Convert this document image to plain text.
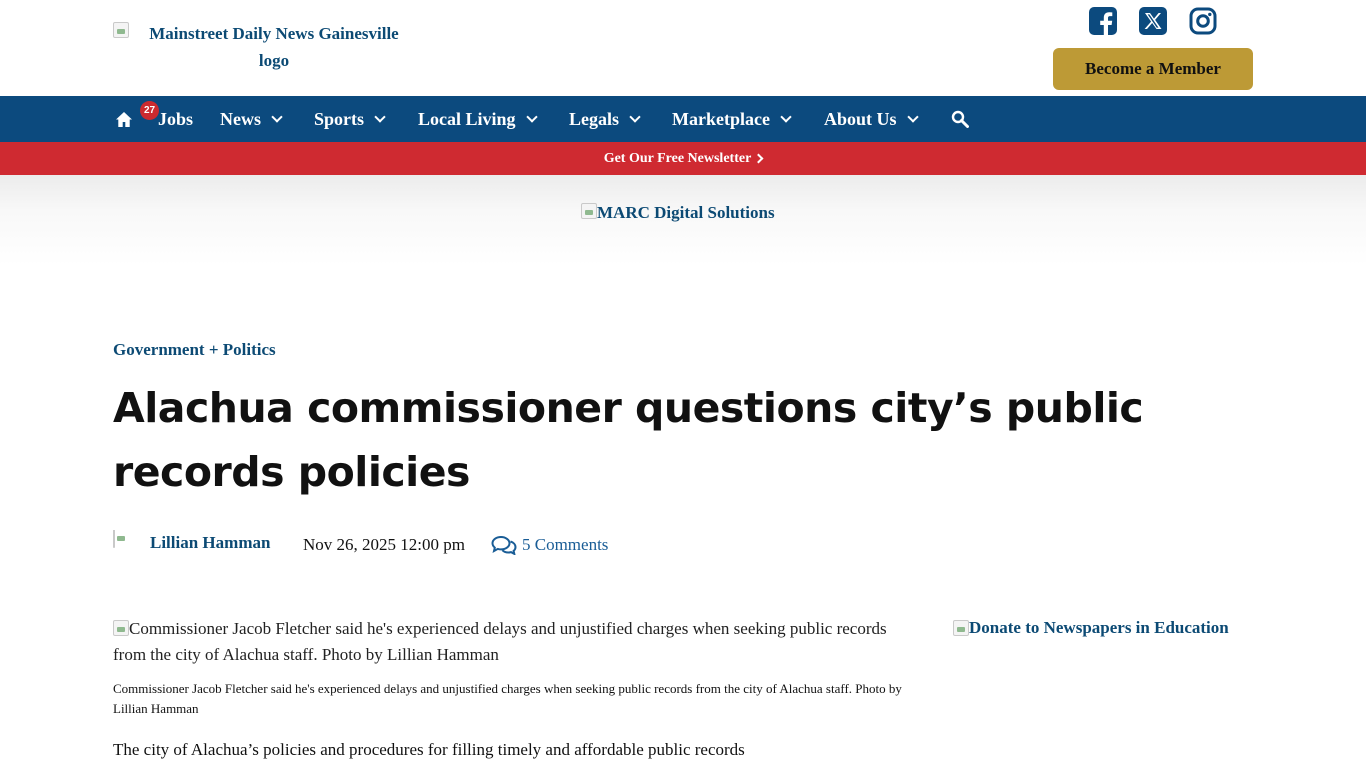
Mainstreet Daily News Gainesville logo	Become a Member
27 Jobs News	Sports	Local Living	Legals	Marketplace	About Us
Get Our Free Newsletter
MARC Digital Solutions
Government + Politics
Alachua commissioner questions city’s public records policies
Lillian Hamman Nov 26, 2025 12:00 pm	5 Comments
Commissioner Jacob Fletcher said he's experienced delays and unjustified charges when seeking public records from the city of Alachua staff. Photo by Lillian Hamman

Commissioner Jacob Fletcher said he's experienced delays and unjustified charges when seeking public records from the city of Alachua staff. Photo by Lillian Hamman

The city of Alachua’s policies and procedures for filling timely and affordable public records

Donate to Newspapers in Education
